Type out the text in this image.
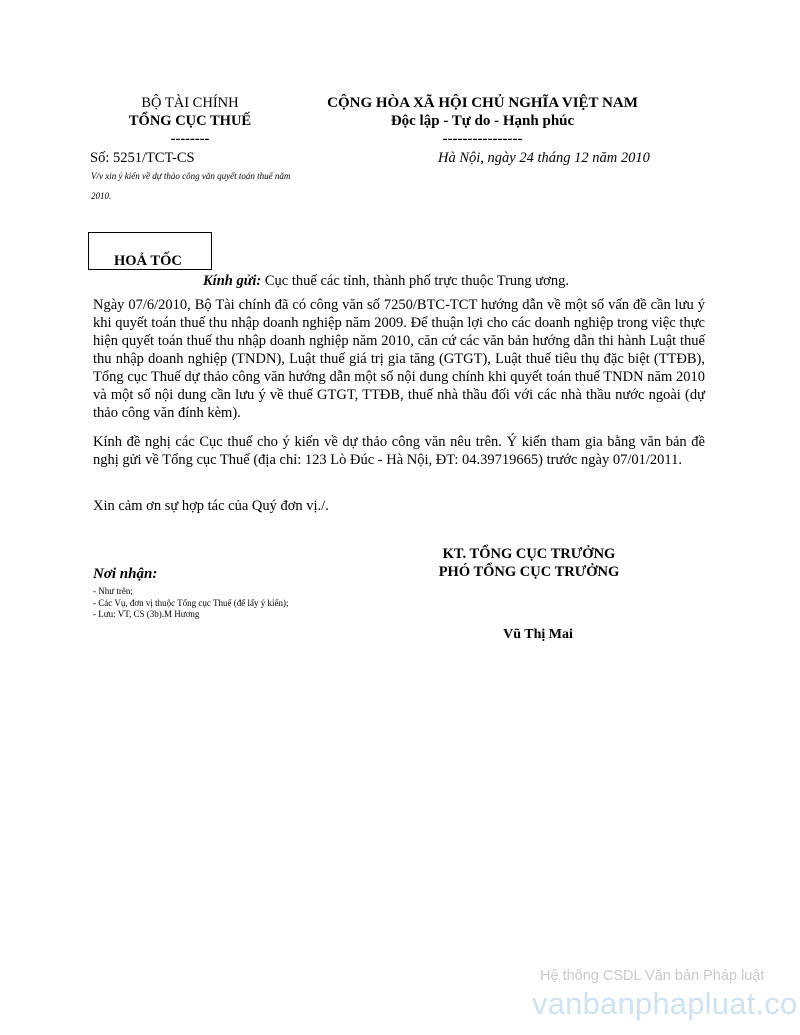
BỘ TÀI CHÍNH
TỔNG CỤC THUẾ
--------
CỘNG HÒA XÃ HỘI CHỦ NGHĨA VIỆT NAM
Độc lập - Tự do - Hạnh phúc
----------------
Số: 5251/TCT-CS	Hà Nội, ngày 24 tháng 12 năm 2010
V/v xin ý kiến về dự thảo công văn quyết toán thuế năm 2010.
HOẢ TỐC
Kính gửi: Cục thuế các tỉnh, thành phố trực thuộc Trung ương.
Ngày 07/6/2010, Bộ Tài chính đã có công văn số 7250/BTC-TCT hướng dẫn về một số vấn đề cần lưu ý khi quyết toán thuế thu nhập doanh nghiệp năm 2009. Để thuận lợi cho các doanh nghiệp trong việc thực hiện quyết toán thuế thu nhập doanh nghiệp năm 2010, căn cứ các văn bản hướng dẫn thi hành Luật thuế thu nhập doanh nghiệp (TNDN), Luật thuế giá trị gia tăng (GTGT), Luật thuế tiêu thụ đặc biệt (TTĐB), Tổng cục Thuế dự thảo công văn hướng dẫn một số nội dung chính khi quyết toán thuế TNDN năm 2010 và một số nội dung cần lưu ý về thuế GTGT, TTĐB, thuế nhà thầu đối với các nhà thầu nước ngoài (dự thảo công văn đính kèm).
Kính đề nghị các Cục thuế cho ý kiến về dự thảo công văn nêu trên. Ý kiến tham gia bằng văn bản đề nghị gửi về Tổng cục Thuế (địa chỉ: 123 Lò Đúc - Hà Nội, ĐT: 04.39719665) trước ngày 07/01/2011.
Xin cảm ơn sự hợp tác của Quý đơn vị./.
KT. TỔNG CỤC TRƯỞNG
PHÓ TỔNG CỤC TRƯỞNG
Vũ Thị Mai
Nơi nhận:
- Như trên;
- Các Vụ, đơn vị thuộc Tổng cục Thuế (để lấy ý kiến);
- Lưu: VT, CS (3b).M Hương
Hệ thống CSDL Văn bản Pháp luật
vanbanphapluat.co
